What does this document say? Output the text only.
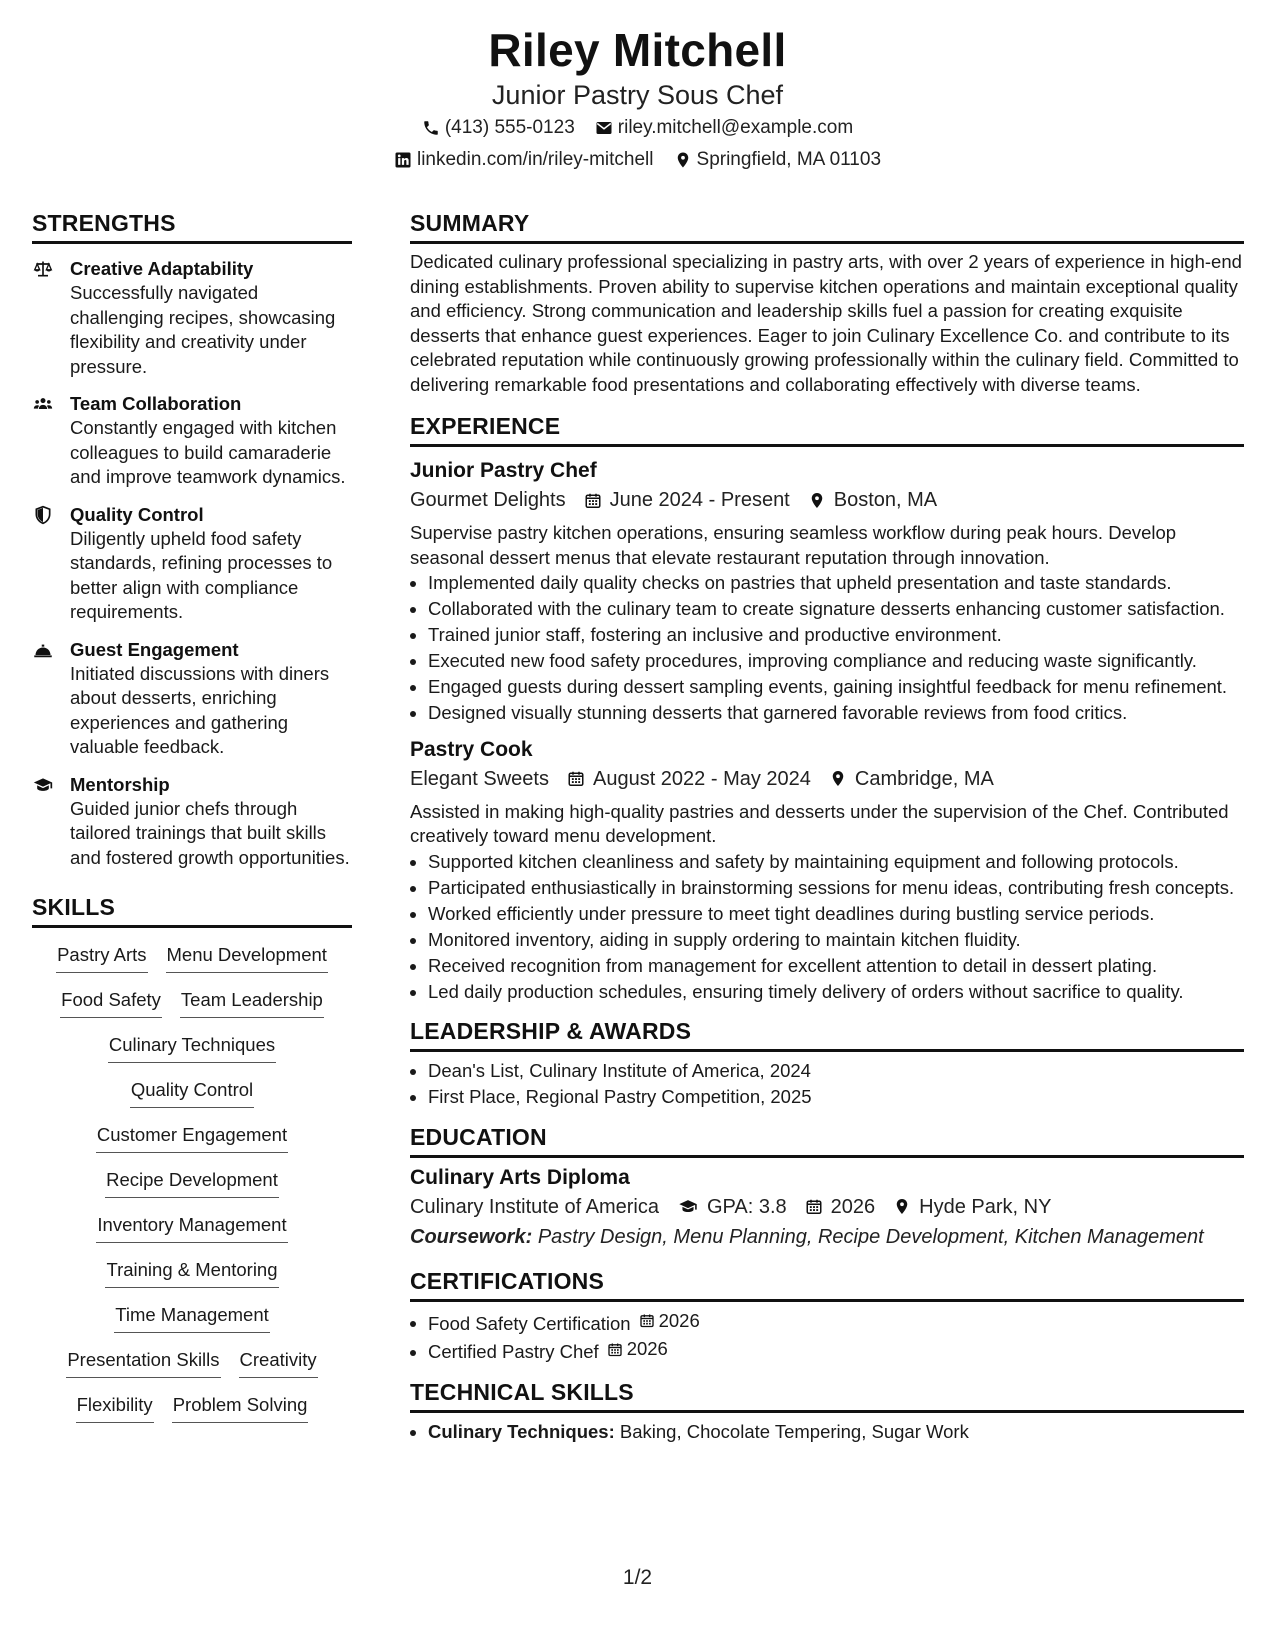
Riley Mitchell
Junior Pastry Sous Chef
(413) 555-0123 riley.mitchell@example.com
linkedin.com/in/riley-mitchell Springfield, MA 01103
STRENGTHS
Creative Adaptability
Successfully navigated challenging recipes, showcasing flexibility and creativity under pressure.
Team Collaboration
Constantly engaged with kitchen colleagues to build camaraderie and improve teamwork dynamics.
Quality Control
Diligently upheld food safety standards, refining processes to better align with compliance requirements.
Guest Engagement
Initiated discussions with diners about desserts, enriching experiences and gathering valuable feedback.
Mentorship
Guided junior chefs through tailored trainings that built skills and fostered growth opportunities.
SKILLS
Pastry Arts Menu Development
Food Safety Team Leadership
Culinary Techniques
Quality Control
Customer Engagement
Recipe Development
Inventory Management
Training & Mentoring
Time Management
Presentation Skills Creativity
Flexibility Problem Solving
SUMMARY
Dedicated culinary professional specializing in pastry arts, with over 2 years of experience in high-end dining establishments. Proven ability to supervise kitchen operations and maintain exceptional quality and efficiency. Strong communication and leadership skills fuel a passion for creating exquisite desserts that enhance guest experiences. Eager to join Culinary Excellence Co. and contribute to its celebrated reputation while continuously growing professionally within the culinary field. Committed to delivering remarkable food presentations and collaborating effectively with diverse teams.
EXPERIENCE
Junior Pastry Chef
Gourmet Delights June 2024 - Present Boston, MA
Supervise pastry kitchen operations, ensuring seamless workflow during peak hours. Develop seasonal dessert menus that elevate restaurant reputation through innovation.
• Implemented daily quality checks on pastries that upheld presentation and taste standards.
• Collaborated with the culinary team to create signature desserts enhancing customer satisfaction.
• Trained junior staff, fostering an inclusive and productive environment.
• Executed new food safety procedures, improving compliance and reducing waste significantly.
• Engaged guests during dessert sampling events, gaining insightful feedback for menu refinement.
• Designed visually stunning desserts that garnered favorable reviews from food critics.
Pastry Cook
Elegant Sweets August 2022 - May 2024 Cambridge, MA
Assisted in making high-quality pastries and desserts under the supervision of the Chef. Contributed creatively toward menu development.
• Supported kitchen cleanliness and safety by maintaining equipment and following protocols.
• Participated enthusiastically in brainstorming sessions for menu ideas, contributing fresh concepts.
• Worked efficiently under pressure to meet tight deadlines during bustling service periods.
• Monitored inventory, aiding in supply ordering to maintain kitchen fluidity.
• Received recognition from management for excellent attention to detail in dessert plating.
• Led daily production schedules, ensuring timely delivery of orders without sacrifice to quality.
LEADERSHIP & AWARDS
• Dean's List, Culinary Institute of America, 2024
• First Place, Regional Pastry Competition, 2025
EDUCATION
Culinary Arts Diploma
Culinary Institute of America GPA: 3.8 2026 Hyde Park, NY
Coursework: Pastry Design, Menu Planning, Recipe Development, Kitchen Management
CERTIFICATIONS
• Food Safety Certification 2026
• Certified Pastry Chef 2026
TECHNICAL SKILLS
• Culinary Techniques: Baking, Chocolate Tempering, Sugar Work
1/2
